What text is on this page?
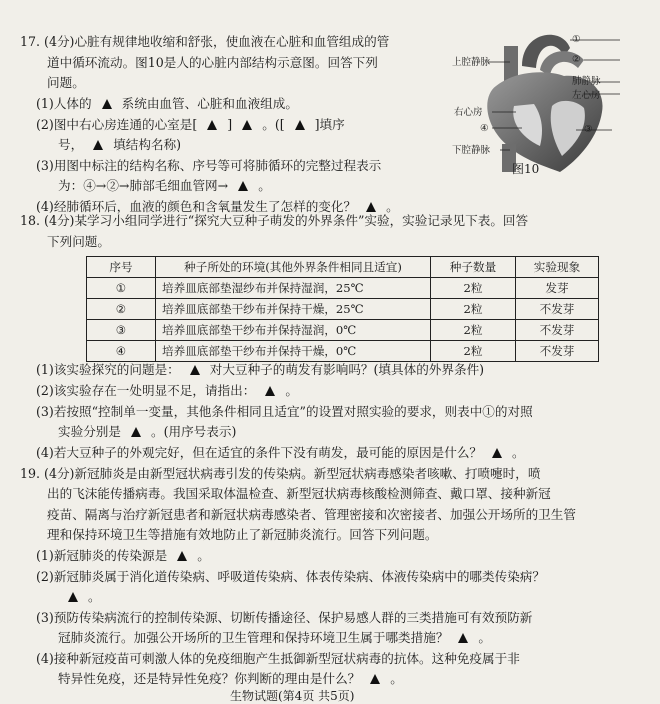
17. (4分)心脏有规律地收缩和舒张，使血液在心脏和血管组成的管
道中循环流动。图10是人的心脏内部结构示意图。回答下列
问题。
(1)人体的 系统由血管、心脏和血液组成。
(2)图中右心房连通的心室是[ ] 。([ ]填序
号， 填结构名称)
(3)用图中标注的结构名称、序号等可将肺循环的完整过程表示
为：④→②→肺部毛细血管网→ 。
(4)经肺循环后，血液的颜色和含氧量发生了怎样的变化？ 。
①
②
肺静脉
左心房
③
上腔静脉
右心房
④
下腔静脉
图10
18. (4分)某学习小组同学进行“探究大豆种子萌发的外界条件”实验，实验记录见下表。回答
下列问题。
序号	种子所处的环境(其他外界条件相同且适宜)	种子数量	实验现象
①	培养皿底部垫湿纱布并保持湿润，25℃	2粒	发芽
②	培养皿底部垫干纱布并保持干燥，25℃	2粒	不发芽
③	培养皿底部垫干纱布并保持湿润，0℃	2粒	不发芽
④	培养皿底部垫干纱布并保持干燥，0℃	2粒	不发芽
(1)该实验探究的问题是： 对大豆种子的萌发有影响吗？(填具体的外界条件)
(2)该实验存在一处明显不足，请指出： 。
(3)若按照“控制单一变量，其他条件相同且适宜”的设置对照实验的要求，则表中①的对照
实验分别是 。(用序号表示)
(4)若大豆种子的外观完好，但在适宜的条件下没有萌发，最可能的原因是什么？ 。
19. (4分)新冠肺炎是由新型冠状病毒引发的传染病。新型冠状病毒感染者咳嗽、打喷嚏时，喷
出的飞沫能传播病毒。我国采取体温检查、新型冠状病毒核酸检测筛查、戴口罩、接种新冠
疫苗、隔离与治疗新冠患者和新冠状病毒感染者、管理密接和次密接者、加强公开场所的卫生管
理和保持环境卫生等措施有效地防止了新冠肺炎流行。回答下列问题。
(1)新冠肺炎的传染源是 。
(2)新冠肺炎属于消化道传染病、呼吸道传染病、体表传染病、体液传染病中的哪类传染病？
。
(3)预防传染病流行的控制传染源、切断传播途径、保护易感人群的三类措施可有效预防新
冠肺炎流行。加强公开场所的卫生管理和保持环境卫生属于哪类措施？ 。
(4)接种新冠疫苗可刺激人体的免疫细胞产生抵御新型冠状病毒的抗体。这种免疫属于非
特异性免疫，还是特异性免疫？你判断的理由是什么？ 。
生物试题(第4页 共5页)
